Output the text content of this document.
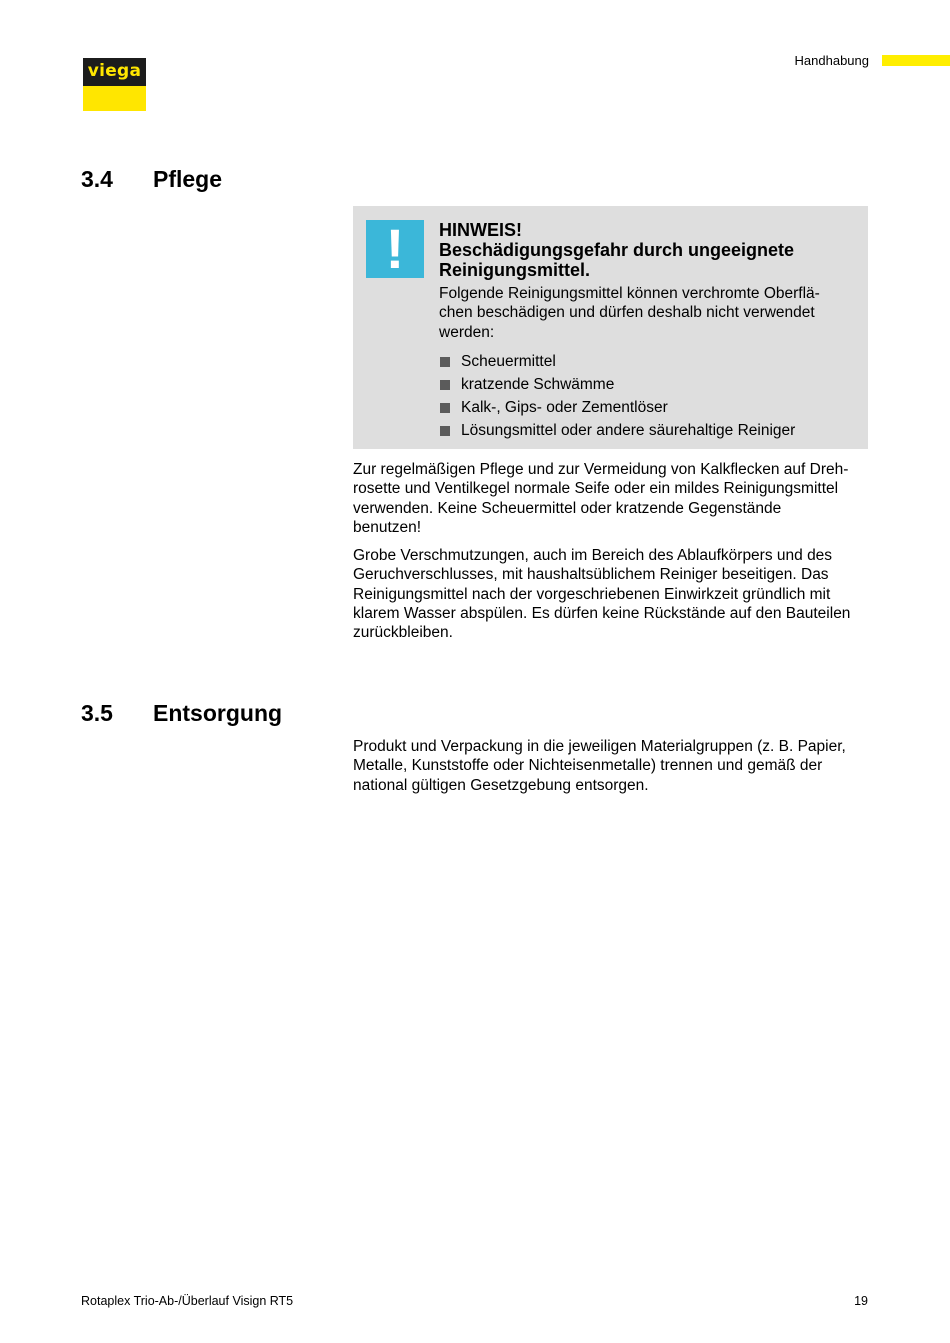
viega
Handhabung
3.4 Pflege
!	HINWEIS!
Beschädigungsgefahr durch ungeeignete
Reinigungsmittel.
Folgende Reinigungsmittel können verchromte Oberflä-
chen beschädigen und dürfen deshalb nicht verwendet
werden:
Scheuermittel
kratzende Schwämme
Kalk-, Gips- oder Zementlöser
Lösungsmittel oder andere säurehaltige Reiniger
Zur regelmäßigen Pflege und zur Vermeidung von Kalkflecken auf Dreh-
rosette und Ventilkegel normale Seife oder ein mildes Reinigungsmittel
verwenden. Keine Scheuermittel oder kratzende Gegenstände
benutzen!
Grobe Verschmutzungen, auch im Bereich des Ablaufkörpers und des
Geruchverschlusses, mit haushaltsüblichem Reiniger beseitigen. Das
Reinigungsmittel nach der vorgeschriebenen Einwirkzeit gründlich mit
klarem Wasser abspülen. Es dürfen keine Rückstände auf den Bauteilen
zurückbleiben.
3.5 Entsorgung
Produkt und Verpackung in die jeweiligen Materialgruppen (z. B. Papier,
Metalle, Kunststoffe oder Nichteisenmetalle) trennen und gemäß der
national gültigen Gesetzgebung entsorgen.
Rotaplex Trio-Ab-/Überlauf Visign RT5	19
